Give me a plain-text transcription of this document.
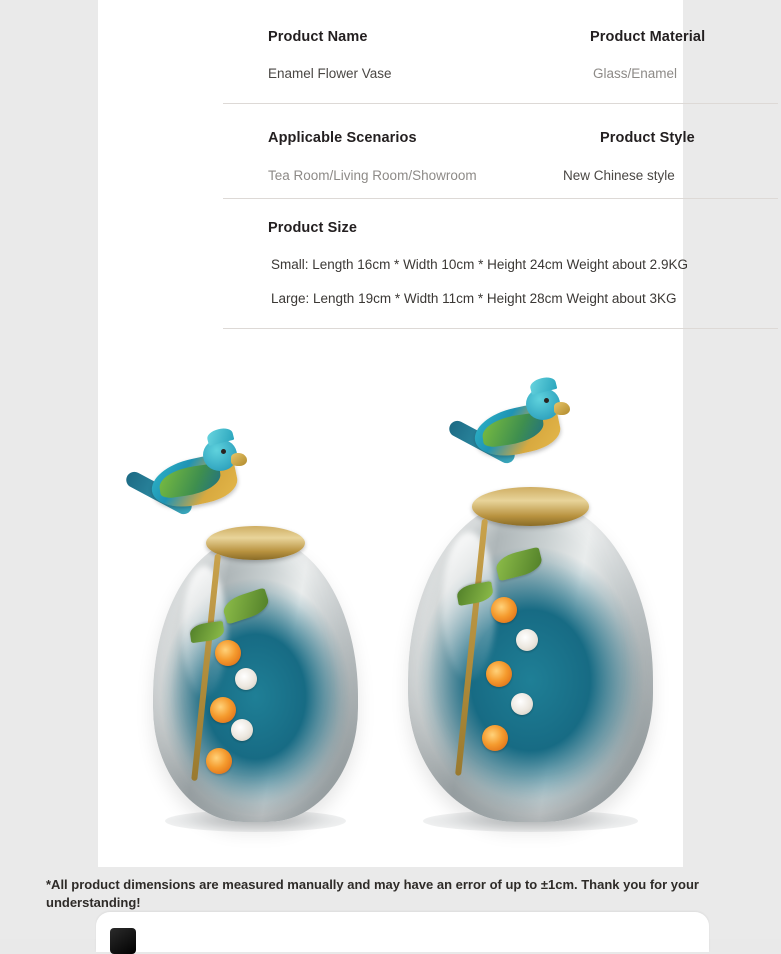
Product Name
Enamel Flower Vase
Product Material
Glass/Enamel
Applicable Scenarios
Tea Room/Living Room/Showroom
Product Style
New Chinese style
Product Size
Small: Length 16cm * Width 10cm * Height 24cm Weight about 2.9KG
Large: Length 19cm * Width 11cm * Height 28cm Weight about 3KG
*All product dimensions are measured manually and may have an error of up to ±1cm. Thank you for your understanding!
